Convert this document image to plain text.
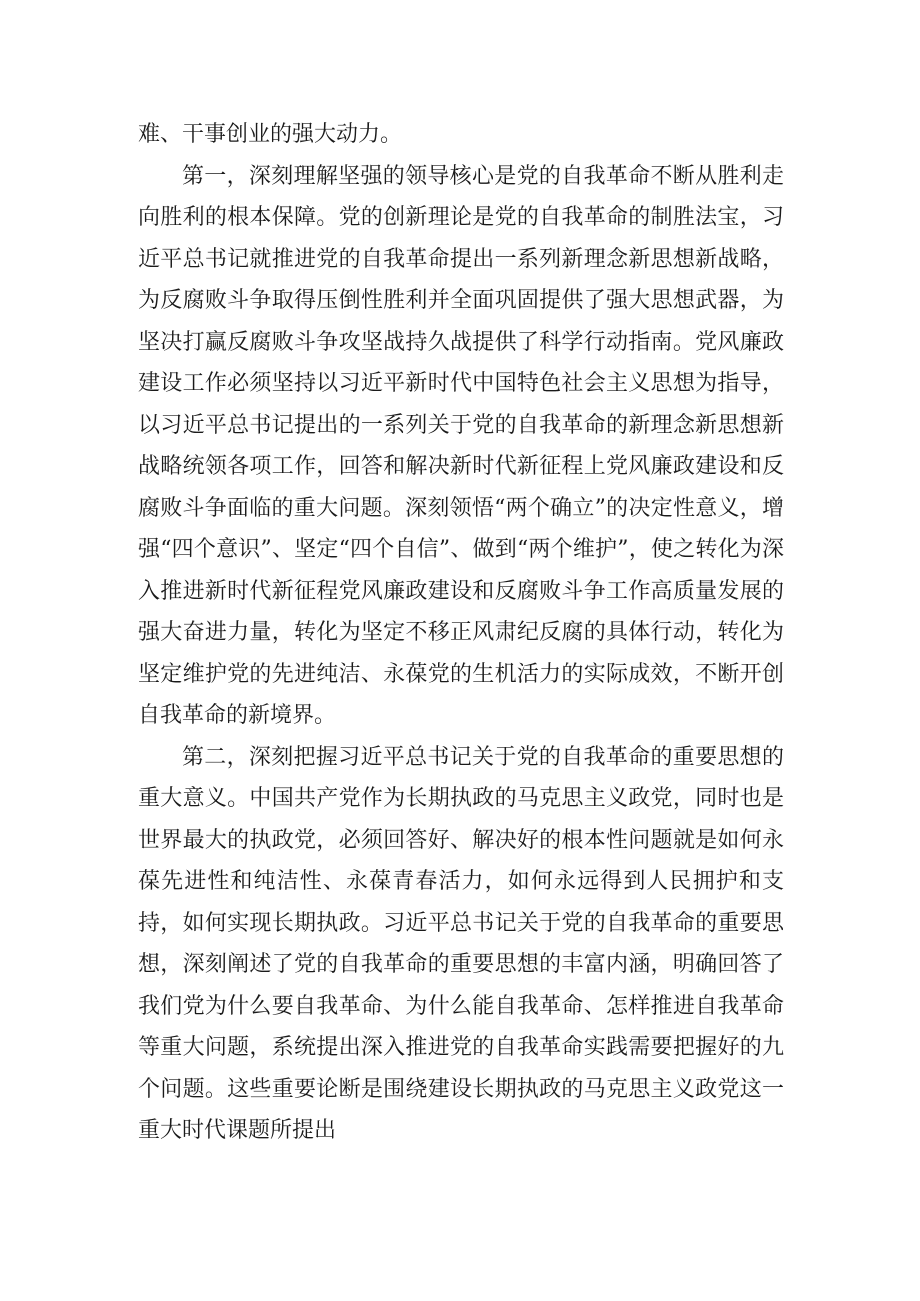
难、干事创业的强大动力。

第一，深刻理解坚强的领导核心是党的自我革命不断从胜利走向胜利的根本保障。党的创新理论是党的自我革命的制胜法宝，习近平总书记就推进党的自我革命提出一系列新理念新思想新战略，为反腐败斗争取得压倒性胜利并全面巩固提供了强大思想武器，为坚决打赢反腐败斗争攻坚战持久战提供了科学行动指南。党风廉政建设工作必须坚持以习近平新时代中国特色社会主义思想为指导，以习近平总书记提出的一系列关于党的自我革命的新理念新思想新战略统领各项工作，回答和解决新时代新征程上党风廉政建设和反腐败斗争面临的重大问题。深刻领悟“两个确立”的决定性意义，增强“四个意识”、坚定“四个自信”、做到“两个维护”，使之转化为深入推进新时代新征程党风廉政建设和反腐败斗争工作高质量发展的强大奋进力量，转化为坚定不移正风肃纪反腐的具体行动，转化为坚定维护党的先进纯洁、永葆党的生机活力的实际成效，不断开创自我革命的新境界。

第二，深刻把握习近平总书记关于党的自我革命的重要思想的重大意义。中国共产党作为长期执政的马克思主义政党，同时也是世界最大的执政党，必须回答好、解决好的根本性问题就是如何永葆先进性和纯洁性、永葆青春活力，如何永远得到人民拥护和支持，如何实现长期执政。习近平总书记关于党的自我革命的重要思想，深刻阐述了党的自我革命的重要思想的丰富内涵，明确回答了我们党为什么要自我革命、为什么能自我革命、怎样推进自我革命等重大问题，系统提出深入推进党的自我革命实践需要把握好的九个问题。这些重要论断是围绕建设长期执政的马克思主义政党这一重大时代课题所提出
